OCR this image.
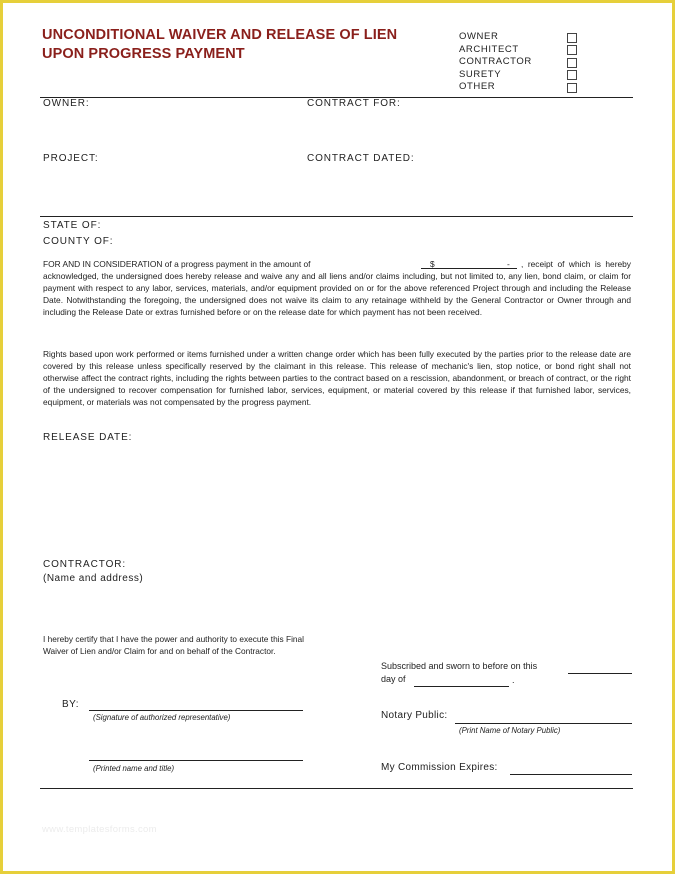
UNCONDITIONAL WAIVER AND RELEASE OF LIEN
UPON PROGRESS PAYMENT
OWNER
ARCHITECT
CONTRACTOR
SURETY
OTHER
OWNER:	CONTRACT FOR:
PROJECT:	CONTRACT DATED:
STATE OF:
COUNTY OF:
FOR AND IN CONSIDERATION of a progress payment in the amount of	$	- , receipt of which is hereby
acknowledged, the undersigned does hereby release and waive any and all liens and/or claims including, but not limited to, any lien, bond claim, or claim for payment with respect to any labor, services, materials, and/or equipment provided on or for the above referenced Project through and including the Release Date. Notwithstanding the foregoing, the undersigned does not waive its claim to any retainage withheld by the General Contractor or Owner through and including the Release Date or extras furnished before or on the release date for which payment has not been received.
Rights based upon work performed or items furnished under a written change order which has been fully executed by the parties prior to the release date are covered by this release unless specifically reserved by the claimant in this release. This release of mechanic's lien, stop notice, or bond right shall not otherwise affect the contract rights, including the rights between parties to the contract based on a rescission, abandonment, or breach of contract, or the right of the undersigned to recover compensation for furnished labor, services, equipment, or material covered by this release if that furnished labor, services, equipment, or materials was not compensated by the progress payment.
RELEASE DATE:
CONTRACTOR:
(Name and address)
I hereby certify that I have the power and authority to execute this Final Waiver of Lien and/or Claim for and on behalf of the Contractor.
BY:
(Signature of authorized representative)
(Printed name and title)
Subscribed and sworn to before on this
day of	.
Notary Public:
(Print Name of Notary Public)
My Commission Expires:
www.templatesforms.com
